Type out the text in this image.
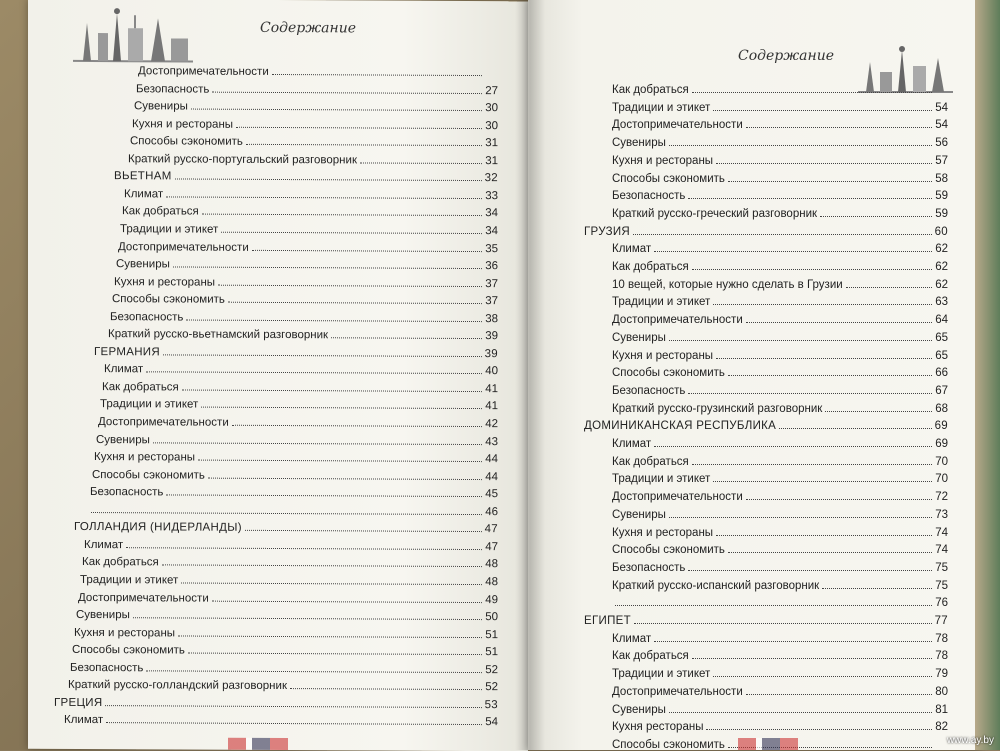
Содержание
Достопримечательности
Безопасность	27
Сувениры	30
Кухня и рестораны	30
Способы сэкономить	31
Краткий русско-португальский разговорник	31
ВЬЕТНАМ	32
Климат	33
Как добраться	34
Традиции и этикет	34
Достопримечательности	35
Сувениры	36
Кухня и рестораны	37
Способы сэкономить	37
Безопасность	38
Краткий русско-вьетнамский разговорник	39
ГЕРМАНИЯ	39
Климат	40
Как добраться	41
Традиции и этикет	41
Достопримечательности	42
Сувениры	43
Кухня и рестораны	44
Способы сэкономить	44
Безопасность	45
46
ГОЛЛАНДИЯ (НИДЕРЛАНДЫ)	47
Климат	47
Как добраться	48
Традиции и этикет	48
Достопримечательности	49
Сувениры	50
Кухня и рестораны	51
Способы сэкономить	51
Безопасность	52
Краткий русско-голландский разговорник	52
ГРЕЦИЯ	53
Климат	54
Содержание
Как добраться
Традиции и этикет	54
Достопримечательности	54
Сувениры	56
Кухня и рестораны	57
Способы сэкономить	58
Безопасность	59
Краткий русско-греческий разговорник	59
ГРУЗИЯ	60
Климат	62
Как добраться	62
10 вещей, которые нужно сделать в Грузии	62
Традиции и этикет	63
Достопримечательности	64
Сувениры	65
Кухня и рестораны	65
Способы сэкономить	66
Безопасность	67
Краткий русско-грузинский разговорник	68
ДОМИНИКАНСКАЯ РЕСПУБЛИКА	69
Климат	69
Как добраться	70
Традиции и этикет	70
Достопримечательности	72
Сувениры	73
Кухня и рестораны	74
Способы сэкономить	74
Безопасность	75
Краткий русско-испанский разговорник	75
76
ЕГИПЕТ	77
Климат	78
Как добраться	78
Традиции и этикет	79
Достопримечательности	80
Сувениры	81
Кухня рестораны	82
Способы сэкономить	www.ay.by
